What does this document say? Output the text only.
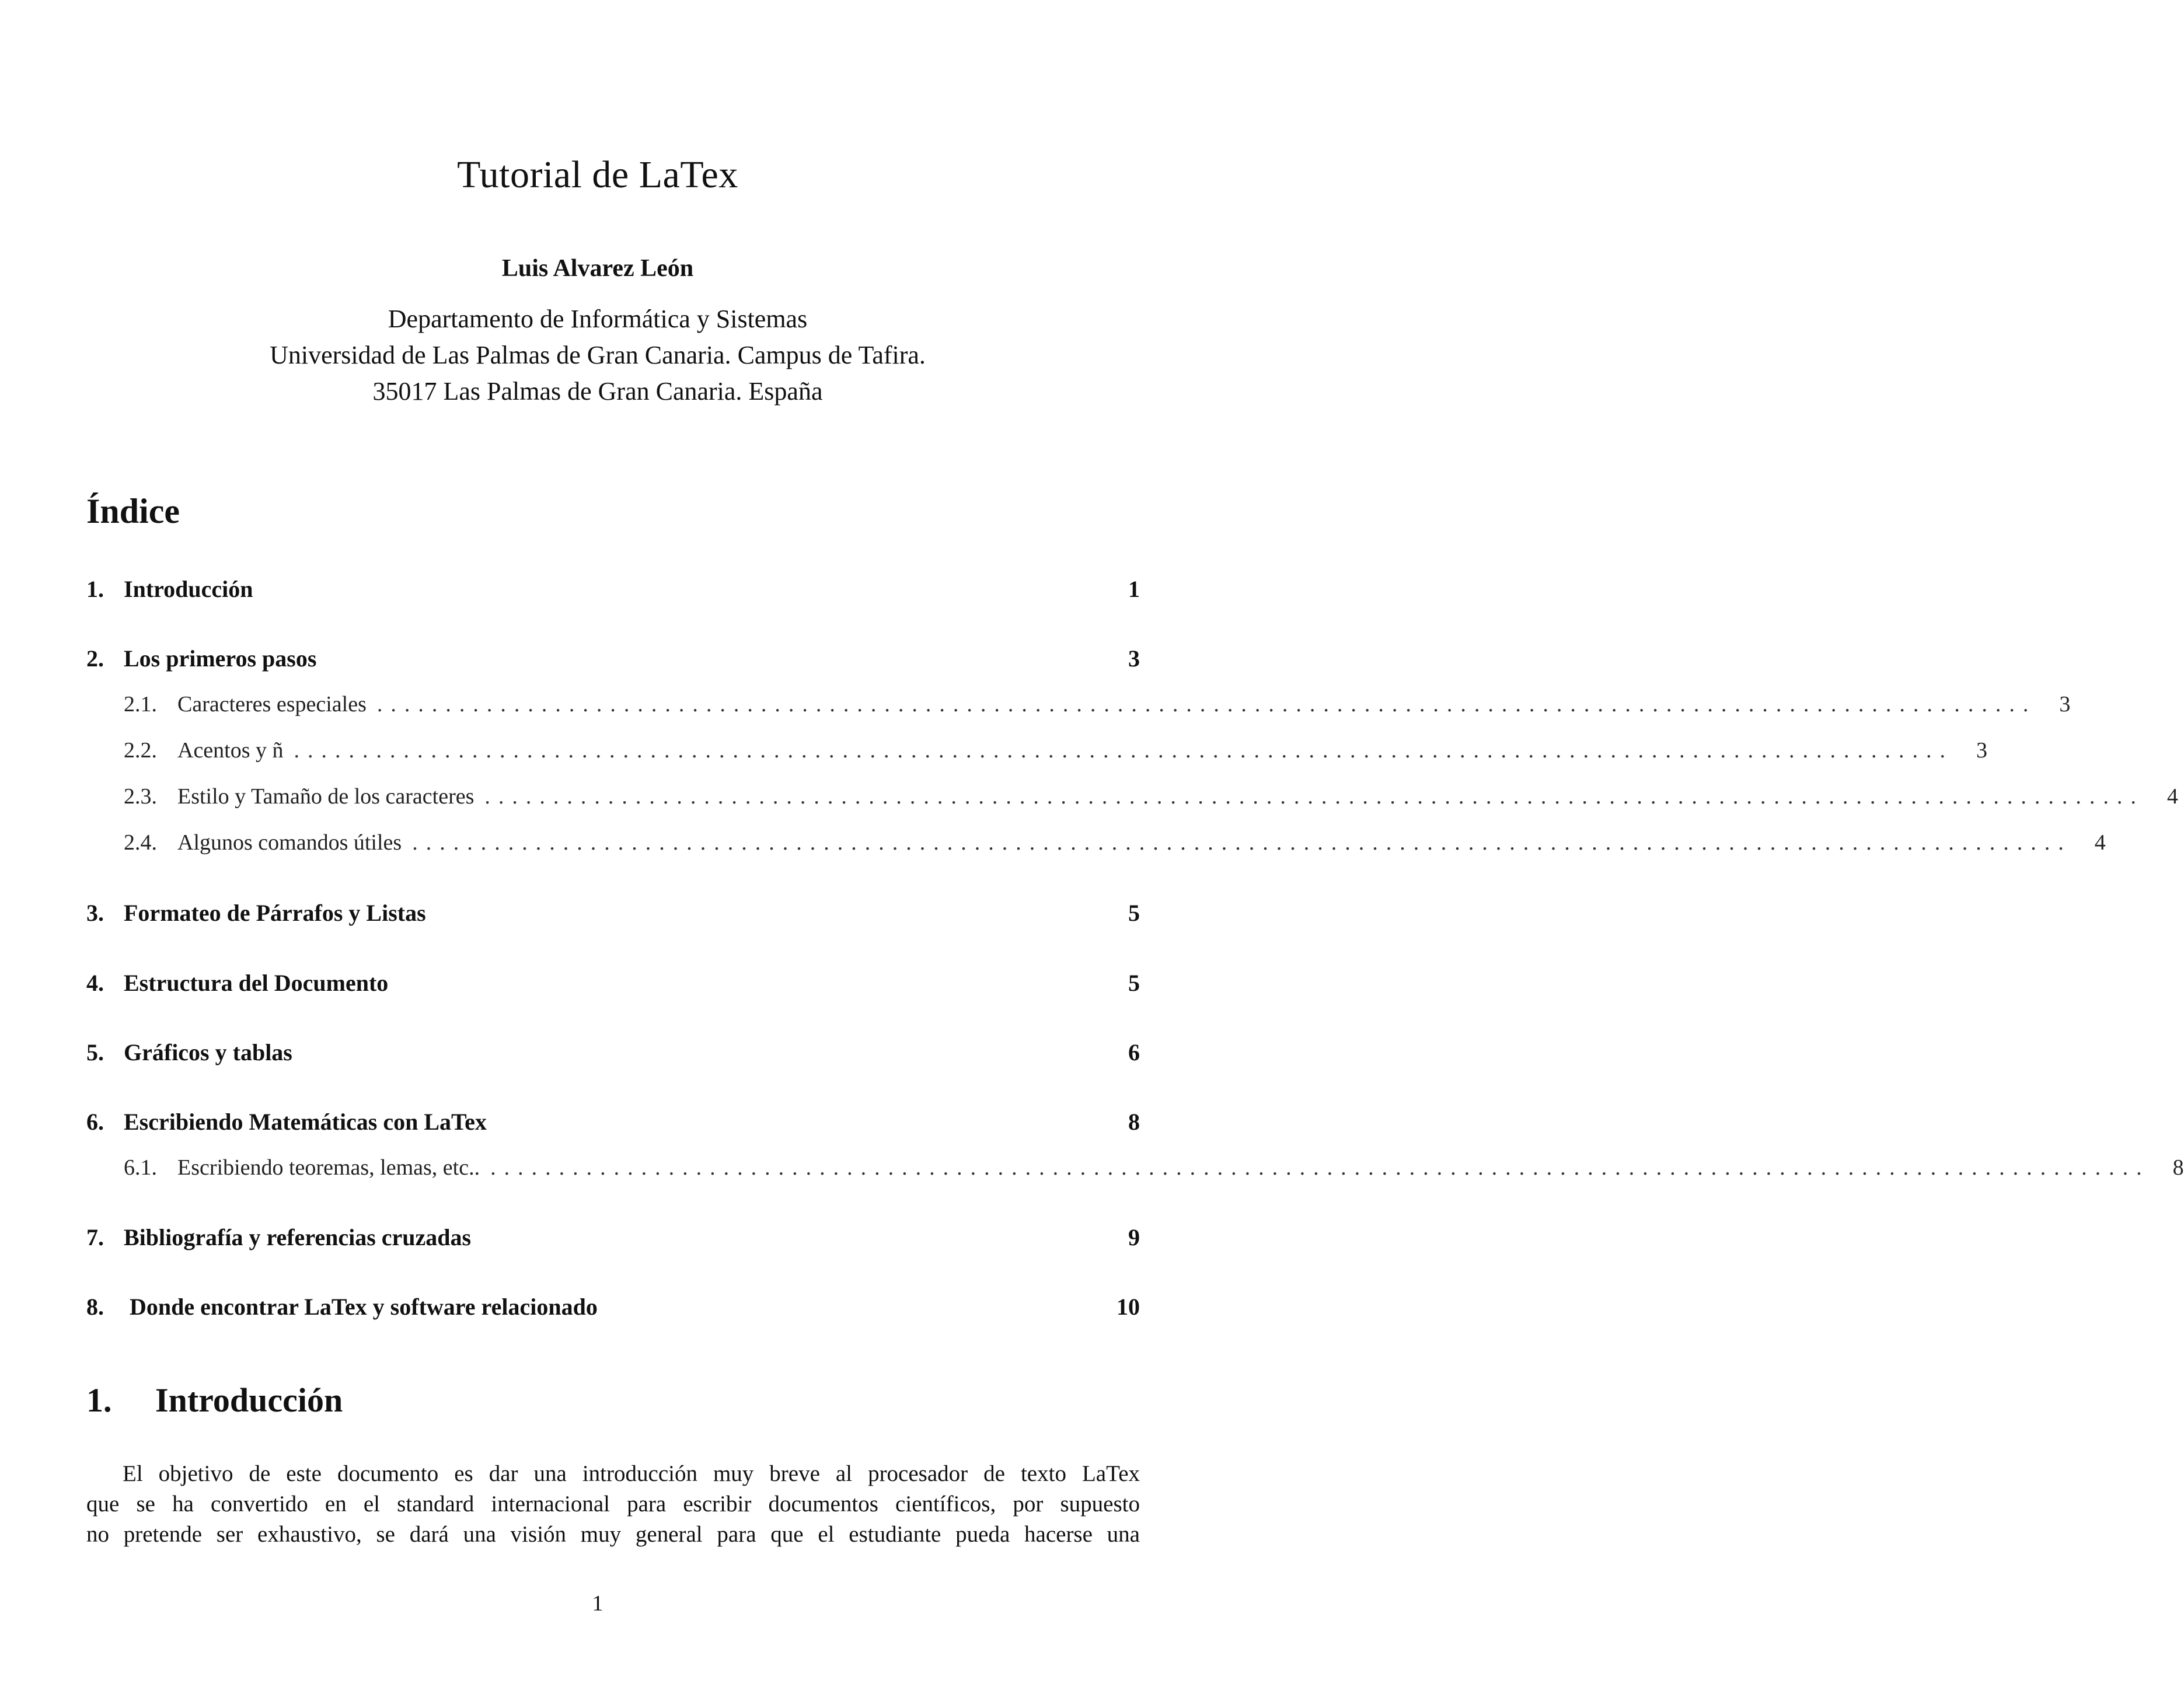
Tutorial de LaTex
Luis Alvarez León
Departamento de Informática y Sistemas
Universidad de Las Palmas de Gran Canaria. Campus de Tafira.
35017 Las Palmas de Gran Canaria. España
Índice
1. Introducción	1
2. Los primeros pasos	3
2.1. Caracteres especiales .........................................................................................................................	3
2.2. Acentos y ñ .........................................................................................................................	3
2.3. Estilo y Tamaño de los caracteres .........................................................................................................................	4
2.4. Algunos comandos útiles .........................................................................................................................	4
3. Formateo de Párrafos y Listas	5
4. Estructura del Documento	5
5. Gráficos y tablas	6
6. Escribiendo Matemáticas con LaTex	8
6.1. Escribiendo teoremas, lemas, etc.. .........................................................................................................................	8
7. Bibliografía y referencias cruzadas	9
8. Donde encontrar LaTex y software relacionado	10
1. Introducción
El objetivo de este documento es dar una introducción muy breve al procesador de texto LaTex
que se ha convertido en el standard internacional para escribir documentos científicos, por supuesto
no pretende ser exhaustivo, se dará una visión muy general para que el estudiante pueda hacerse una
1
